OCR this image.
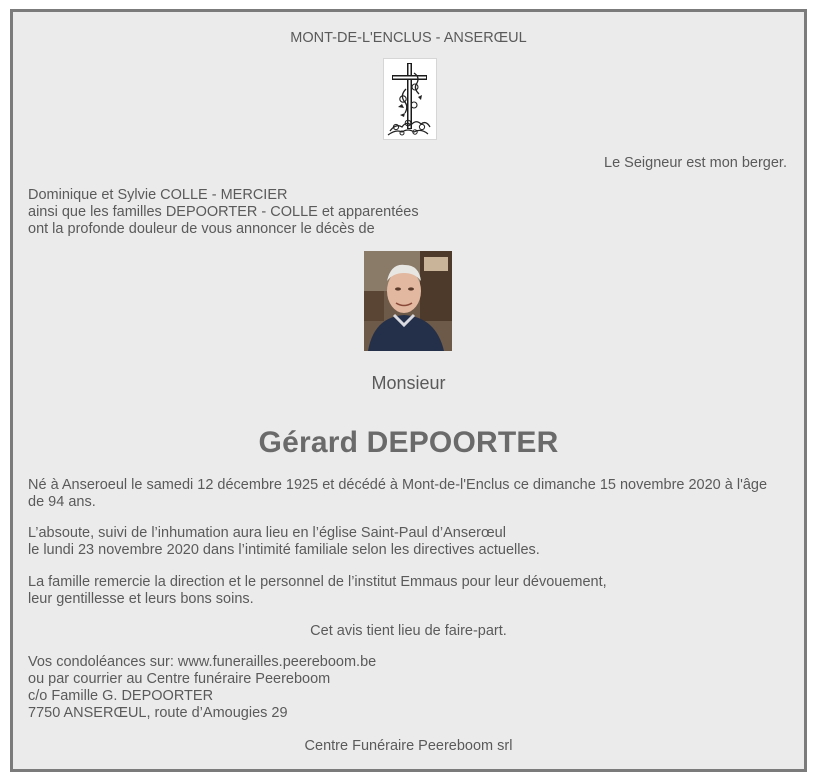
MONT-DE-L'ENCLUS - ANSERŒUL
Le Seigneur est mon berger.
Dominique et Sylvie COLLE - MERCIER
ainsi que les familles DEPOORTER - COLLE et apparentées
ont la profonde douleur de vous annoncer le décès de
Monsieur
Gérard DEPOORTER
Né à Anseroeul le samedi 12 décembre 1925 et décédé à Mont-de-l'Enclus ce dimanche 15 novembre 2020 à l'âge
de 94 ans.
L’absoute, suivi de l’inhumation aura lieu en l’église Saint-Paul d’Anserœul
le lundi 23 novembre 2020 dans l’intimité familiale selon les directives actuelles.
La famille remercie la direction et le personnel de l’institut Emmaus pour leur dévouement,
leur gentillesse et leurs bons soins.
Cet avis tient lieu de faire-part.
Vos condoléances sur: www.funerailles.peereboom.be
ou par courrier au Centre funéraire Peereboom
c/o Famille G. DEPOORTER
7750 ANSERŒUL, route d’Amougies 29
Centre Funéraire Peereboom srl
